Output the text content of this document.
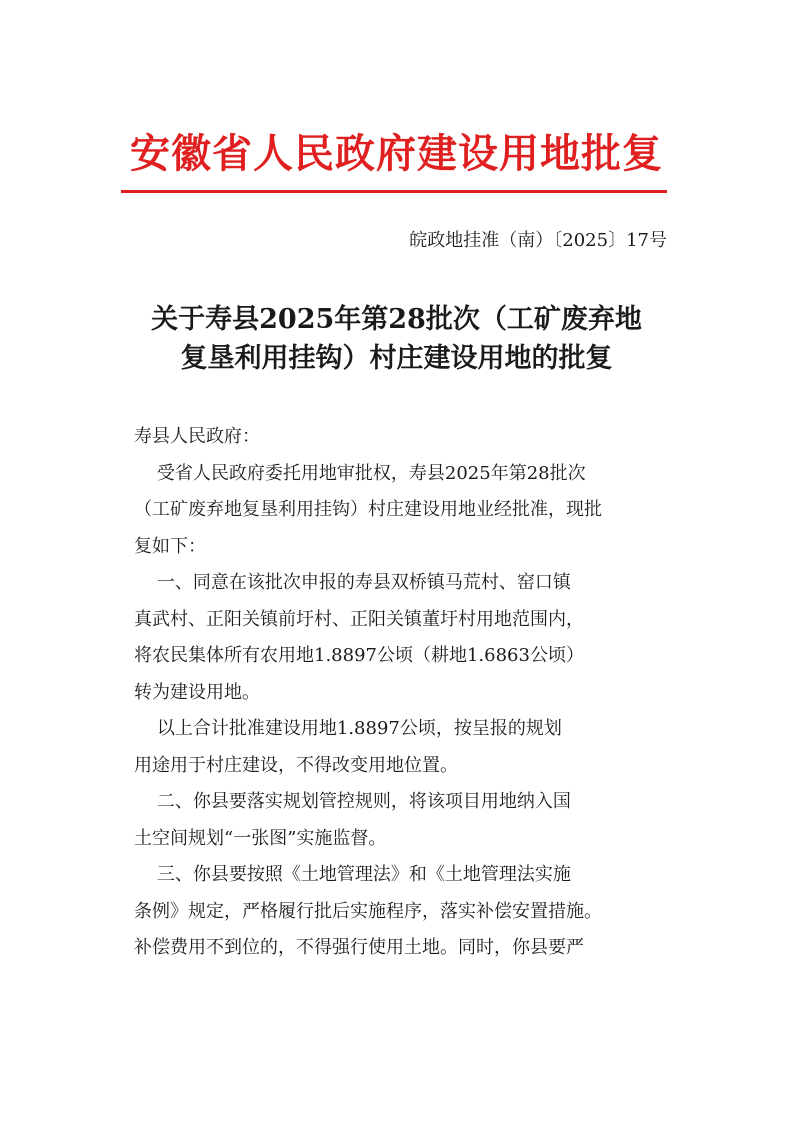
安徽省人民政府建设用地批复
皖政地挂准（南）〔2025〕17号
关于寿县2025年第28批次（工矿废弃地
复垦利用挂钩）村庄建设用地的批复
寿县人民政府：
受省人民政府委托用地审批权，寿县2025年第28批次
（工矿废弃地复垦利用挂钩）村庄建设用地业经批准，现批
复如下：
一、同意在该批次申报的寿县双桥镇马荒村、窑口镇
真武村、正阳关镇前圩村、正阳关镇董圩村用地范围内，
将农民集体所有农用地1.8897公顷（耕地1.6863公顷）
转为建设用地。
以上合计批准建设用地1.8897公顷，按呈报的规划
用途用于村庄建设，不得改变用地位置。
二、你县要落实规划管控规则，将该项目用地纳入国
土空间规划“一张图”实施监督。
三、你县要按照《土地管理法》和《土地管理法实施
条例》规定，严格履行批后实施程序，落实补偿安置措施。
补偿费用不到位的，不得强行使用土地。同时，你县要严
